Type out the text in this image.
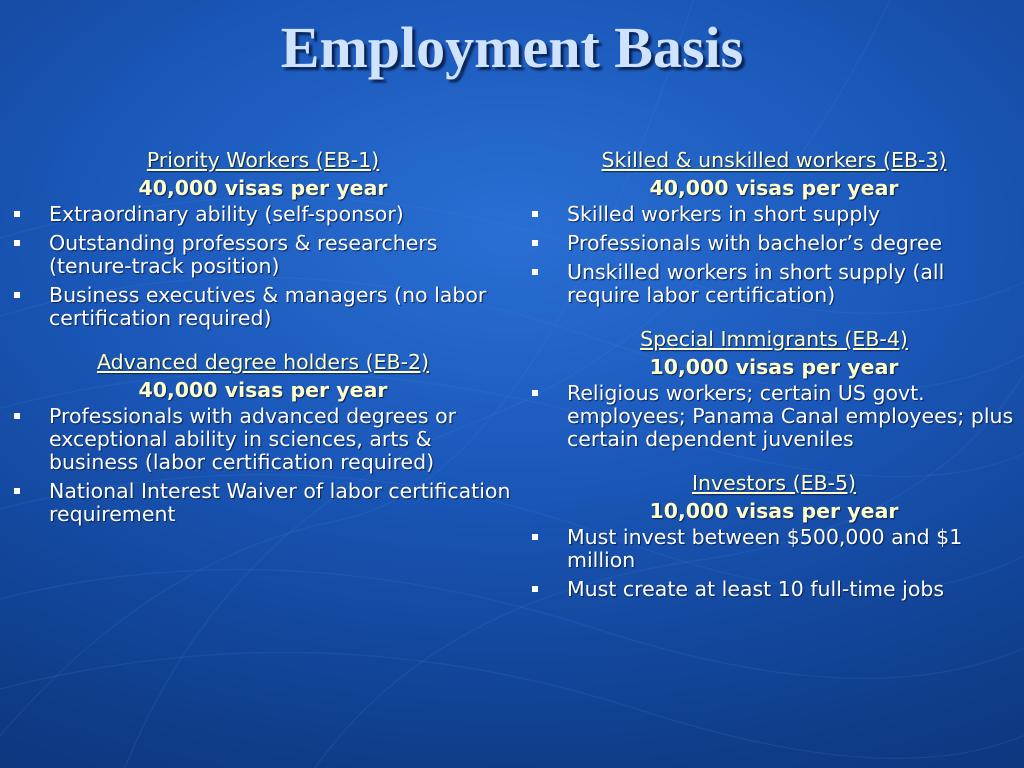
Employment Basis
Priority Workers (EB-1)
40,000 visas per year
Extraordinary ability (self-sponsor)
Outstanding professors & researchers (tenure-track position)
Business executives & managers (no labor certification required)
Advanced degree holders (EB-2)
40,000 visas per year
Professionals with advanced degrees or exceptional ability in sciences, arts & business (labor certification required)
National Interest Waiver of labor certification requirement
Skilled & unskilled workers (EB-3)
40,000 visas per year
Skilled workers in short supply
Professionals with bachelor’s degree
Unskilled workers in short supply (all require labor certification)
Special Immigrants (EB-4)
10,000 visas per year
Religious workers; certain US govt. employees; Panama Canal employees; plus certain dependent juveniles
Investors (EB-5)
10,000 visas per year
Must invest between $500,000 and $1 million
Must create at least 10 full-time jobs
